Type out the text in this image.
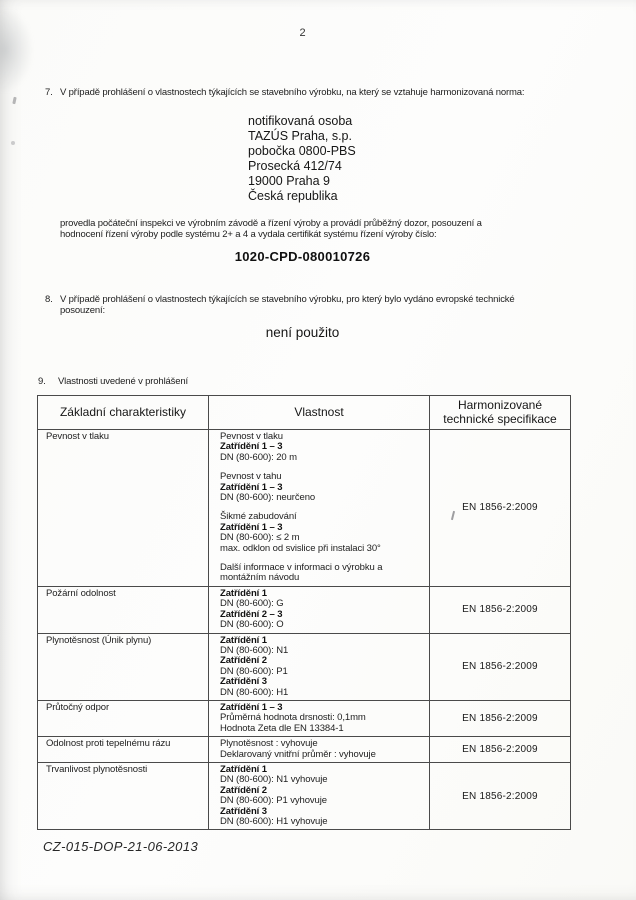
2
7. V případě prohlášení o vlastnostech týkajících se stavebního výrobku, na který se vztahuje harmonizovaná norma:
notifikovaná osoba
TAZÚS Praha, s.p.
pobočka 0800-PBS
Prosecká 412/74
19000 Praha 9
Česká republika
provedla počáteční inspekci ve výrobním závodě a řízení výroby a provádí průběžný dozor, posouzení a hodnocení řízení výroby podle systému 2+ a 4 a vydala certifikát systému řízení výroby číslo:
1020-CPD-080010726
8. V případě prohlášení o vlastnostech týkajících se stavebního výrobku, pro který bylo vydáno evropské technické posouzení:
není použito
9.	Vlastnosti uvedené v prohlášení
Základní charakteristiky	Vlastnost	Harmonizované technické specifikace
Pevnost v tlaku	Pevnost v tlaku
Zatřídění 1 – 3
DN (80-600): 20 m

Pevnost v tahu
Zatřídění 1 – 3
DN (80-600): neurčeno

Šikmé zabudování
Zatřídění 1 – 3
DN (80-600): ≤ 2 m
max. odklon od svislice při instalaci 30°

Další informace v informaci o výrobku a montážním návodu
	EN 1856-2:2009
Požární odolnost	Zatřídění 1
DN (80-600): G
Zatřídění 2 – 3
DN (80-600): O	EN 1856-2:2009
Plynotěsnost (Únik plynu)	Zatřídění 1
DN (80-600): N1
Zatřídění 2
DN (80-600): P1
Zatřídění 3
DN (80-600): H1
	EN 1856-2:2009
Průtočný odpor	Zatřídění 1 – 3
Průměrná hodnota drsnosti: 0,1mm
Hodnota Zeta dle EN 13384-1	EN 1856-2:2009
Odolnost proti tepelnému rázu	Plynotěsnost : vyhovuje
Deklarovaný vnitřní průměr : vyhovuje	EN 1856-2:2009
Trvanlivost plynotěsnosti	Zatřídění 1
DN (80-600): N1 vyhovuje
Zatřídění 2
DN (80-600): P1 vyhovuje
Zatřídění 3
DN (80-600): H1 vyhovuje
	EN 1856-2:2009
CZ-015-DOP-21-06-2013
